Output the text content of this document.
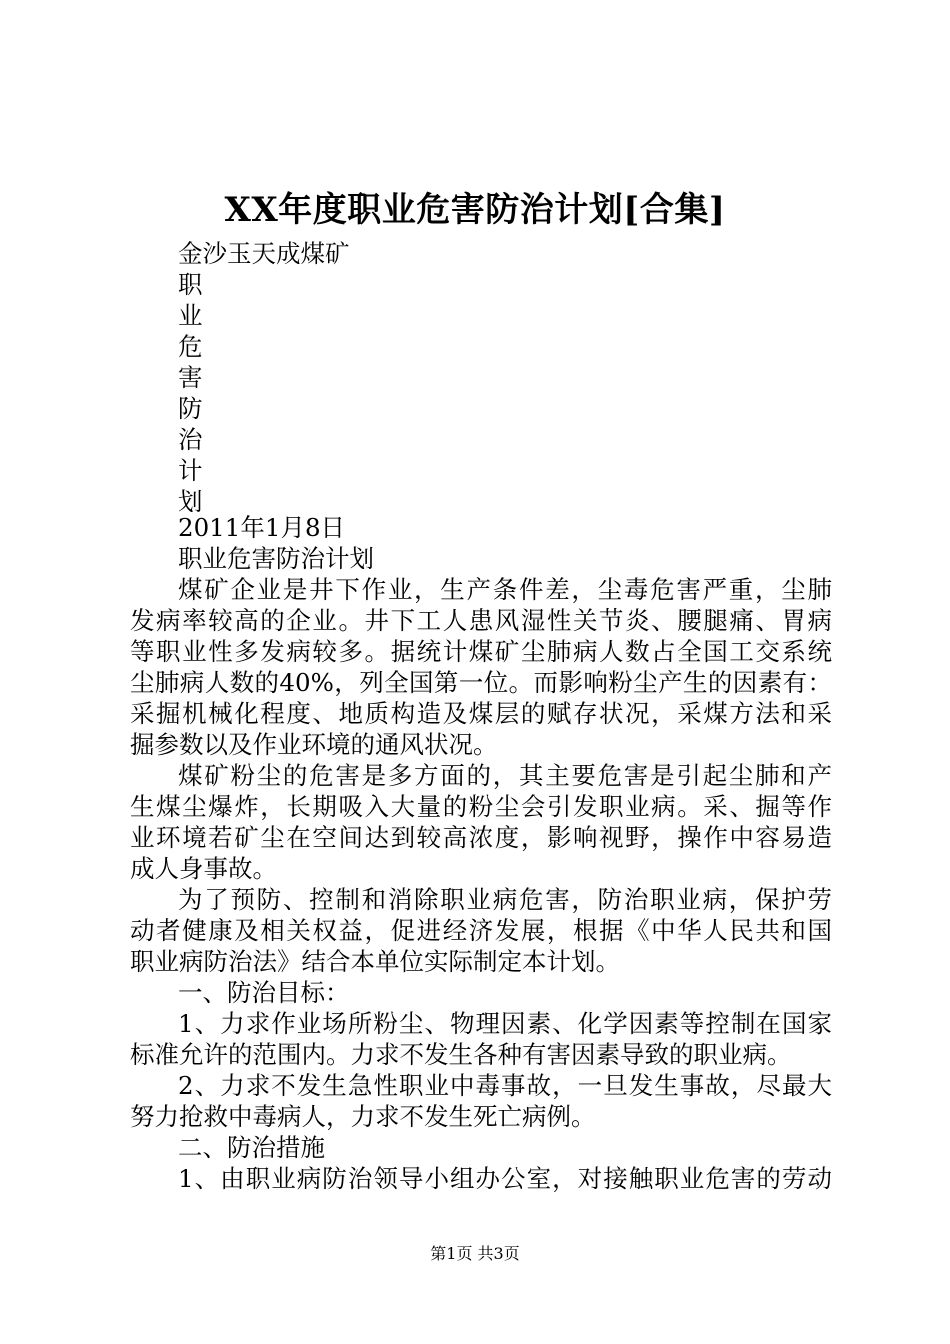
XX年度职业危害防治计划[合集]
金沙玉天成煤矿
职
业
危
害
防
治
计
划
2011年1月8日
职业危害防治计划
煤矿企业是井下作业，生产条件差，尘毒危害严重，尘肺
发病率较高的企业。井下工人患风湿性关节炎、腰腿痛、胃病
等职业性多发病较多。据统计煤矿尘肺病人数占全国工交系统
尘肺病人数的40%，列全国第一位。而影响粉尘产生的因素有：
采掘机械化程度、地质构造及煤层的赋存状况，采煤方法和采
掘参数以及作业环境的通风状况。
煤矿粉尘的危害是多方面的，其主要危害是引起尘肺和产
生煤尘爆炸，长期吸入大量的粉尘会引发职业病。采、掘等作
业环境若矿尘在空间达到较高浓度，影响视野，操作中容易造
成人身事故。
为了预防、控制和消除职业病危害，防治职业病，保护劳
动者健康及相关权益，促进经济发展，根据《中华人民共和国
职业病防治法》结合本单位实际制定本计划。
一、防治目标：
1、力求作业场所粉尘、物理因素、化学因素等控制在国家
标准允许的范围内。力求不发生各种有害因素导致的职业病。
2、力求不发生急性职业中毒事故，一旦发生事故，尽最大
努力抢救中毒病人，力求不发生死亡病例。
二、防治措施
1、由职业病防治领导小组办公室，对接触职业危害的劳动
第1页 共3页
